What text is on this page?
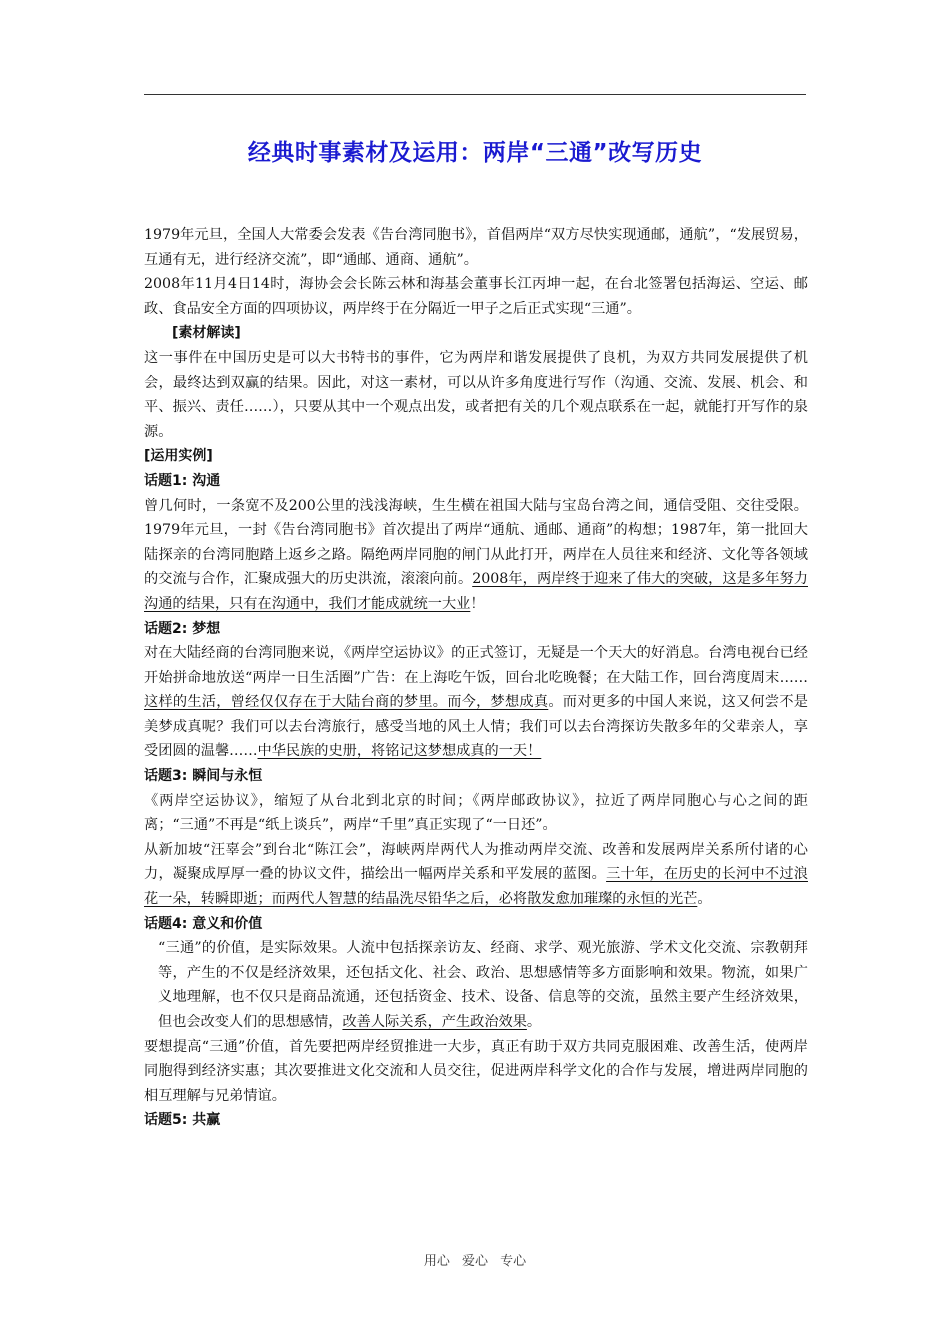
经典时事素材及运用：两岸“三通”改写历史

1979年元旦，全国人大常委会发表《告台湾同胞书》，首倡两岸“双方尽快实现通邮，通航”，“发展贸易，互通有无，进行经济交流”，即“通邮、通商、通航”。

2008年11月4日14时，海协会会长陈云林和海基会董事长江丙坤一起，在台北签署包括海运、空运、邮政、食品安全方面的四项协议，两岸终于在分隔近一甲子之后正式实现“三通”。

[素材解读]

这一事件在中国历史是可以大书特书的事件，它为两岸和谐发展提供了良机，为双方共同发展提供了机会，最终达到双赢的结果。因此，对这一素材，可以从许多角度进行写作（沟通、交流、发展、机会、和平、振兴、责任……），只要从其中一个观点出发，或者把有关的几个观点联系在一起，就能打开写作的泉源。

[运用实例]

话题1: 沟通

曾几何时，一条宽不及200公里的浅浅海峡，生生横在祖国大陆与宝岛台湾之间，通信受阻、交往受限。1979年元旦，一封《告台湾同胞书》首次提出了两岸“通航、通邮、通商”的构想；1987年，第一批回大陆探亲的台湾同胞踏上返乡之路。隔绝两岸同胞的闸门从此打开，两岸在人员往来和经济、文化等各领域的交流与合作，汇聚成强大的历史洪流，滚滚向前。2008年，两岸终于迎来了伟大的突破，这是多年努力沟通的结果，只有在沟通中，我们才能成就统一大业！

话题2: 梦想

对在大陆经商的台湾同胞来说，《两岸空运协议》的正式签订，无疑是一个天大的好消息。台湾电视台已经开始拼命地放送“两岸一日生活圈”广告：在上海吃午饭，回台北吃晚餐；在大陆工作，回台湾度周末……这样的生活，曾经仅仅存在于大陆台商的梦里。而今，梦想成真。而对更多的中国人来说，这又何尝不是美梦成真呢？我们可以去台湾旅行，感受当地的风土人情；我们可以去台湾探访失散多年的父辈亲人，享受团圆的温馨……中华民族的史册，将铭记这梦想成真的一天！

话题3: 瞬间与永恒

《两岸空运协议》，缩短了从台北到北京的时间；《两岸邮政协议》，拉近了两岸同胞心与心之间的距离；“三通”不再是“纸上谈兵”，两岸“千里”真正实现了“一日还”。

从新加坡“汪辜会”到台北“陈江会”，海峡两岸两代人为推动两岸交流、改善和发展两岸关系所付诸的心力，凝聚成厚厚一叠的协议文件，描绘出一幅两岸关系和平发展的蓝图。三十年，在历史的长河中不过浪花一朵，转瞬即逝；而两代人智慧的结晶洗尽铅华之后，必将散发愈加璀璨的永恒的光芒。

话题4: 意义和价值

“三通”的价值，是实际效果。人流中包括探亲访友、经商、求学、观光旅游、学术文化交流、宗教朝拜等，产生的不仅是经济效果，还包括文化、社会、政治、思想感情等多方面影响和效果。物流，如果广义地理解，也不仅只是商品流通，还包括资金、技术、设备、信息等的交流，虽然主要产生经济效果，但也会改变人们的思想感情，改善人际关系，产生政治效果。

要想提高“三通”价值，首先要把两岸经贸推进一大步，真正有助于双方共同克服困难、改善生活，使两岸同胞得到经济实惠；其次要推进文化交流和人员交往，促进两岸科学文化的合作与发展，增进两岸同胞的相互理解与兄弟情谊。

话题5: 共赢

用心 爱心 专心
